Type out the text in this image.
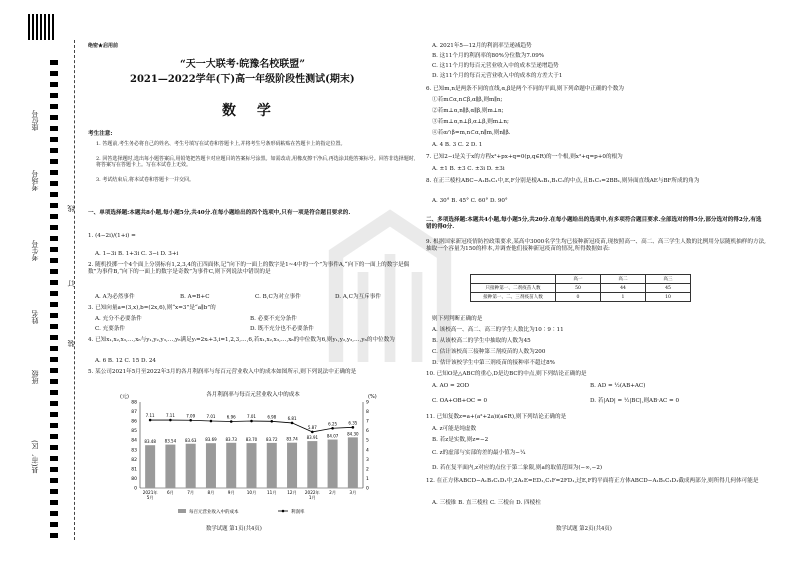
座位号
考场号
考生号
姓名
班级
县(市、区)
线
订
装
绝密★启用前
“天一大联考·皖豫名校联盟”
2021—2022学年(下)高一年级阶段性测试(期末)
数 学
考生注意:
1. 答题前,考生务必将自己的姓名、考生号填写在试卷和答题卡上,并将考生号条形码粘贴在答题卡上的指定位置。
2. 回答选择题时,选出每小题答案后,用铅笔把答题卡对应题目的答案标号涂黑。如需改动,用橡皮擦干净后,再选涂其他答案标号。回答非选择题时,将答案写在答题卡上。写在本试卷上无效。
3. 考试结束后,将本试卷和答题卡一并交回。
一、单项选择题:本题共8小题,每小题5分,共40分.在每小题给出的四个选项中,只有一项是符合题目要求的.
1. (4−2i)/(1+i) =
A. 1−3i B. 1+3i C. 3−i D. 3+i
2. 随机投掷一个4个面上分别标有1,2,3,4的正四面体,记“向下的一面上的数字是1~4中的一个”为事件A,“向下的一面上的数字是偶数”为事件B,“向下的一面上的数字是奇数”为事件C,则下列说法中错误的是
A. A为必然事件	B. A=B+C	C. B,C为对立事件	D. A,C为互斥事件
3. 已知向量a=(3,x),b=(2x,6),则“x=3”是“a∥b”的
A. 充分不必要条件	B. 必要不充分条件
C. 充要条件	D. 既不充分也不必要条件
4. 已知x₁,x₂,x₃,…,x₆与y₁,y₂,y₃,…,y₆满足yᵢ=2xᵢ+3,i=1,2,3,…,6,若x₁,x₂,x₃,…,x₆的中位数为6,则y₁,y₂,y₃,…,y₆的中位数为
A. 6 B. 12 C. 15 D. 24
5. 某公司2021年5月至2022年3月的各月利润率与每百元营业收入中的成本如图所示,则下列说法中正确的是
各月利润率与每百元营业收入中的成本
(元)	(%)
0
80
81
82
83
84
85
86
87
88
0
1
2
3
4
5
6
7
8
9
83.48
2021年
5月
83.54
6月
83.63
7月
83.69
8月
83.73
9月
83.70
10月
83.72
11月
83.74
12月
83.91
2022年
1月
84.07
2月
84.30
3月
7.11	7.11	7.09	7.01	6.96	7.01	6.98	6.81
5.87
6.25	6.35
每百元营业收入中的成本	利润率
数学试题 第1页(共4页)
A. 2021年5—12月的利润率呈递减趋势
B. 这11个月的利润率的80%分位数为7.09%
C. 这11个月的每百元营业收入中的成本呈递增趋势
D. 这11个月的每百元营业收入中的成本的方差大于1
6. 已知m,n是两条不同的直线,α,β是两个不同的平面,则下列命题中正确的个数为
①若m⊂α,n⊂β,α∥β,则m∥n;
②若m⊥α,n∥β,α∥β,则m⊥n;
③若m⊥α,n⊥β,α⊥β,则m⊥n;
④若α∩β=m,n⊂α,n∥m,则n∥β.
A. 4 B. 3 C. 2 D. 1
7. 已知2−i是关于x的方程x²+px+q=0(p,q∈R)的一个根,则x²+q=p+0的根为
A. ±1 B. ±3 C. ±3i D. ±3i
8. 在正三棱柱ABC−A₁B₁C₁中,E,F分别是棱A₁B₁,B₁C₁的中点,且B₁C₁=2BB₁,则异面直线AE与BF所成的角为
A. 30° B. 45° C. 60° D. 90°
二、多项选择题:本题共4小题,每小题5分,共20分.在每小题给出的选项中,有多项符合题目要求.全部选对的得5分,部分选对的得2分,有选错的得0分.
9. 根据国家新冠疫情防控政策要求,某高中3000名学生均已接种新冠疫苗,现按照高一、高二、高三学生人数的比例用分层随机抽样的方法,抽取一个容量为150的样本,并调查他们接种新冠疫苗的情况,所得数据如表:
	高一	高二	高三
只接种第一、二剂疫苗人数	50	44	45
接种第一、二、三剂疫苗人数	0	1	10
则下列判断正确的是
A. 该校高一、高二、高三的学生人数比为10∶9∶11
B. 从该校高二的学生中抽取的人数为45
C. 估计该校高三接种第三剂疫苗的人数为200
D. 估计该校学生中第三剂疫苗的接种率不超过8%
10. 已知O是△ABC的重心,D是边BC的中点,则下列结论正确的是
A. AO = 2OD	B. AD = ½(AB+AC)
C. OA+OB+OC = 0	D. 若|AD| = ½|BC|,则AB·AC = 0
11. 已知复数z=a+(a²+2a)i(a∈R),则下列结论正确的是
A. z可能是纯虚数
B. 若z是实数,则z=−2
C. z的虚部与实部的差的最小值为−¼
D. 若在复平面内,z对应的点位于第二象限,则a的取值范围为(−∞,−2)
12. 在正方体ABCD−A₁B₁C₁D₁中,2A₁E=ED₁,C₁F=2FD₁,过E,F的平面将正方体ABCD−A₁B₁C₁D₁截成两部分,则所得几何体可能是
A. 三棱锥 B. 直三棱柱 C. 三棱台 D. 四棱柱
数学试题 第2页(共4页)
